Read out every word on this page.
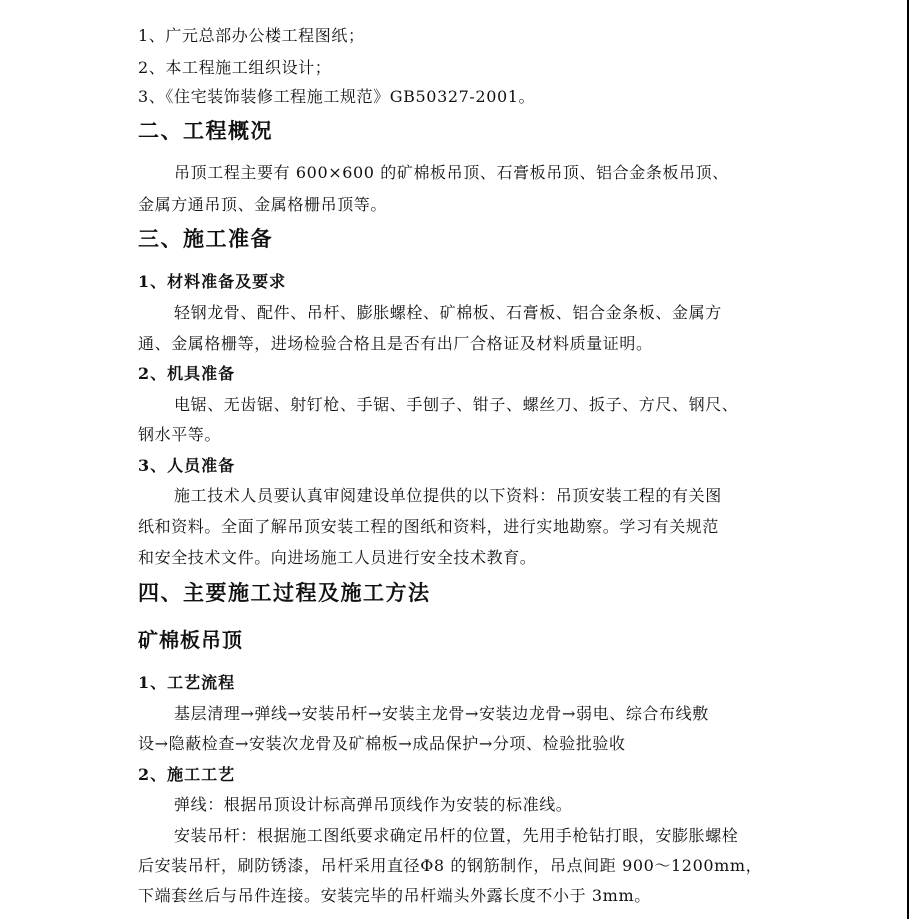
1、广元总部办公楼工程图纸；
2、本工程施工组织设计；
3、《住宅装饰装修工程施工规范》GB50327-2001。
二、工程概况
吊顶工程主要有 600×600 的矿棉板吊顶、石膏板吊顶、铝合金条板吊顶、
金属方通吊顶、金属格栅吊顶等。
三、施工准备
1、材料准备及要求
轻钢龙骨、配件、吊杆、膨胀螺栓、矿棉板、石膏板、铝合金条板、金属方
通、金属格栅等，进场检验合格且是否有出厂合格证及材料质量证明。
2、机具准备
电锯、无齿锯、射钉枪、手锯、手刨子、钳子、螺丝刀、扳子、方尺、钢尺、
钢水平等。
3、人员准备
施工技术人员要认真审阅建设单位提供的以下资料：吊顶安装工程的有关图
纸和资料。全面了解吊顶安装工程的图纸和资料，进行实地勘察。学习有关规范
和安全技术文件。向进场施工人员进行安全技术教育。
四、主要施工过程及施工方法
矿棉板吊顶
1、工艺流程
基层清理→弹线→安装吊杆→安装主龙骨→安装边龙骨→弱电、综合布线敷
设→隐蔽检查→安装次龙骨及矿棉板→成品保护→分项、检验批验收
2、施工工艺
弹线：根据吊顶设计标高弹吊顶线作为安装的标准线。
安装吊杆：根据施工图纸要求确定吊杆的位置，先用手枪钻打眼，安膨胀螺栓
后安装吊杆，刷防锈漆，吊杆采用直径Φ8 的钢筋制作，吊点间距 900～1200mm，
下端套丝后与吊件连接。安装完毕的吊杆端头外露长度不小于 3mm。
